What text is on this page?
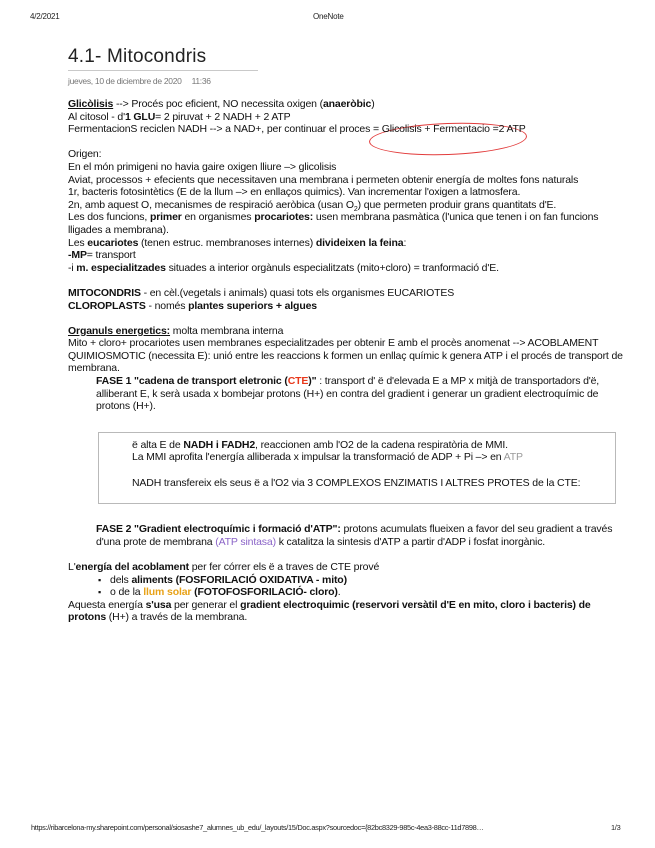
4/2/2021	OneNote
4.1- Mitocondris
jueves, 10 de diciembre de 2020 11:36

Glicòlisis --> Procés poc eficient, NO necessita oxigen (anaeròbic)

Al citosol - d'1 GLU= 2 piruvat + 2 NADH + 2 ATP

FermentacionS reciclen NADH --> a NAD+, per continuar el proces = Glicolisis + Fermentacio =2 ATP

Origen:

En el món primigeni no havia gaire oxigen lliure –> glicolisis

Aviat, processos + efecients que necessitaven una membrana i permeten obtenir energía de moltes fons naturals

1r, bacteris fotosintètics (E de la llum –> en enllaços quimics). Van incrementar l'oxigen a latmosfera.

2n, amb aquest O, mecanismes de respiració aeròbica (usan $O_2$) que permeten produir grans quantitats d'E.

Les dos funcions, primer en organismes procariotes: usen membrana pasmàtica (l'unica que tenen i on fan funcions lligades a membrana).

Les eucariotes (tenen estruc. membranoses internes) divideixen la feina:

-MP= transport

-i m. especialitzades situades a interior orgànuls especialitzats (mito+cloro) = tranformació d'E.

MITOCONDRIS - en cèl.(vegetals i animals) quasi tots els organismes EUCARIOTES

CLOROPLASTS - només plantes superiors + algues

Organuls energetics: molta membrana interna

Mito + cloro+ procariotes usen membranes especialitzades per obtenir E amb el procès anomenat --> ACOBLAMENT QUIMIOSMOTIC (necessita E): unió entre les reaccions k formen un enllaç químic k genera ATP i el procés de transport de membrana.

FASE 1 "cadena de transport eletronic (CTE)" : transport d' ë d'elevada E a MP x mitjà de transportadors d'ë, alliberant E, k serà usada x bombejar protons (H+) en contra del gradient i generar un gradient electroquímic de protons (H+).

ë alta E de NADH i FADH2, reaccionen amb l'O2 de la cadena respiratòria de MMI.

La MMI aprofita l'energía alliberada x impulsar la transformació de ADP + Pi –> en ATP

NADH transfereix els seus ë a l'O2 via 3 COMPLEXOS ENZIMATIS I ALTRES PROTES de la CTE:

FASE 2 "Gradient electroquímic i formació d'ATP": protons acumulats flueixen a favor del seu gradient a través d'una prote de membrana (ATP sintasa) k catalitza la sintesis d'ATP a partir d'ADP i fosfat inorgànic.

L'energía del acoblament per fer córrer els ë a traves de CTE prové

▪ dels aliments (FOSFORILACIÓ OXIDATIVA - mito)
▪ o de la llum solar (FOTOFOSFORILACIÓ- cloro).

Aquesta energía s'usa per generar el gradient electroquimic (reservori versàtil d'E en mito, cloro i bacteris) de protons (H+) a través de la membrana.

https://ribarcelona-my.sharepoint.com/personal/siosashe7_alumnes_ub_edu/_layouts/15/Doc.aspx?sourcedoc={82bc8329-985c-4ea3-88cc-11d7898…	1/3
